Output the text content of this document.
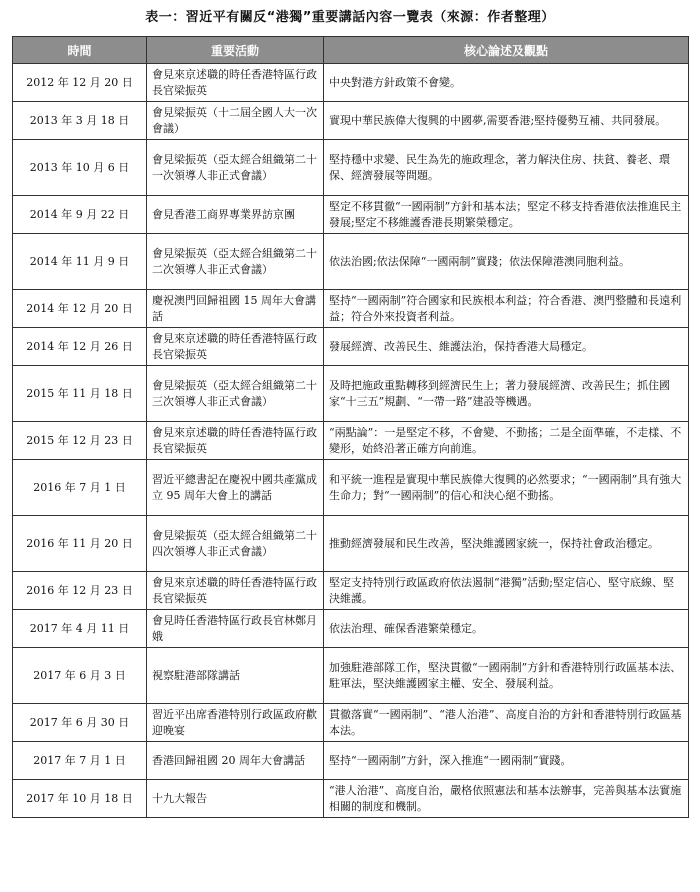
表一：習近平有關反“港獨”重要講話內容一覽表（來源：作者整理）
時間	重要活動	核心論述及觀點
2012 年 12 月 20 日	會見來京述職的時任香港特區行政長官梁振英	中央對港方針政策不會變。
2013 年 3 月 18 日	會見梁振英（十二屆全國人大一次會議）	實現中華民族偉大復興的中國夢,需要香港;堅持優勢互補、共同發展。
2013 年 10 月 6 日	會見梁振英（亞太經合組織第二十一次領導人非正式會議）	堅持穩中求變、民生為先的施政理念，著力解決住房、扶貧、養老、環保、經濟發展等問題。
2014 年 9 月 22 日	會見香港工商界專業界訪京團	堅定不移貫徹“一國兩制”方針和基本法；堅定不移支持香港依法推進民主發展;堅定不移維護香港長期繁榮穩定。
2014 年 11 月 9 日	會見梁振英（亞太經合組織第二十二次領導人非正式會議）	依法治國;依法保障“一國兩制”實踐；依法保障港澳同胞利益。
2014 年 12 月 20 日	慶祝澳門回歸祖國 15 周年大會講話	堅持“一國兩制”符合國家和民族根本利益；符合香港、澳門整體和長遠利益；符合外來投資者利益。
2014 年 12 月 26 日	會見來京述職的時任香港特區行政長官梁振英	發展經濟、改善民生、維護法治，保持香港大局穩定。
2015 年 11 月 18 日	會見梁振英（亞太經合組織第二十三次領導人非正式會議）	及時把施政重點轉移到經濟民生上；著力發展經濟、改善民生；抓住國家“十三五”規劃、“一帶一路”建設等機遇。
2015 年 12 月 23 日	會見來京述職的時任香港特區行政長官梁振英	“兩點論”：一是堅定不移，不會變、不動搖；二是全面準確，不走樣、不變形，始終沿著正確方向前進。
2016 年 7 月 1 日	習近平總書記在慶祝中國共產黨成立 95 周年大會上的講話	和平統一進程是實現中華民族偉大復興的必然要求；“一國兩制”具有強大生命力；對“一國兩制”的信心和決心絕不動搖。
2016 年 11 月 20 日	會見梁振英（亞太經合組織第二十四次領導人非正式會議）	推動經濟發展和民生改善，堅決維護國家統一，保持社會政治穩定。
2016 年 12 月 23 日	會見來京述職的時任香港特區行政長官梁振英	堅定支持特別行政區政府依法遏制“港獨”活動;堅定信心、堅守底線、堅決維護。
2017 年 4 月 11 日	會見時任香港特區行政長官林鄭月娥	依法治理、確保香港繁榮穩定。
2017 年 6 月 3 日	視察駐港部隊講話	加強駐港部隊工作，堅決貫徹“一國兩制”方針和香港特別行政區基本法、駐軍法，堅決維護國家主權、安全、發展利益。
2017 年 6 月 30 日	習近平出席香港特別行政區政府歡迎晚宴	貫徹落實“一國兩制”、“港人治港”、高度自治的方針和香港特別行政區基本法。
2017 年 7 月 1 日	香港回歸祖國 20 周年大會講話	堅持“一國兩制”方針，深入推進“一國兩制”實踐。
2017 年 10 月 18 日	十九大報告	“港人治港”、高度自治，嚴格依照憲法和基本法辦事，完善與基本法實施相關的制度和機制。
